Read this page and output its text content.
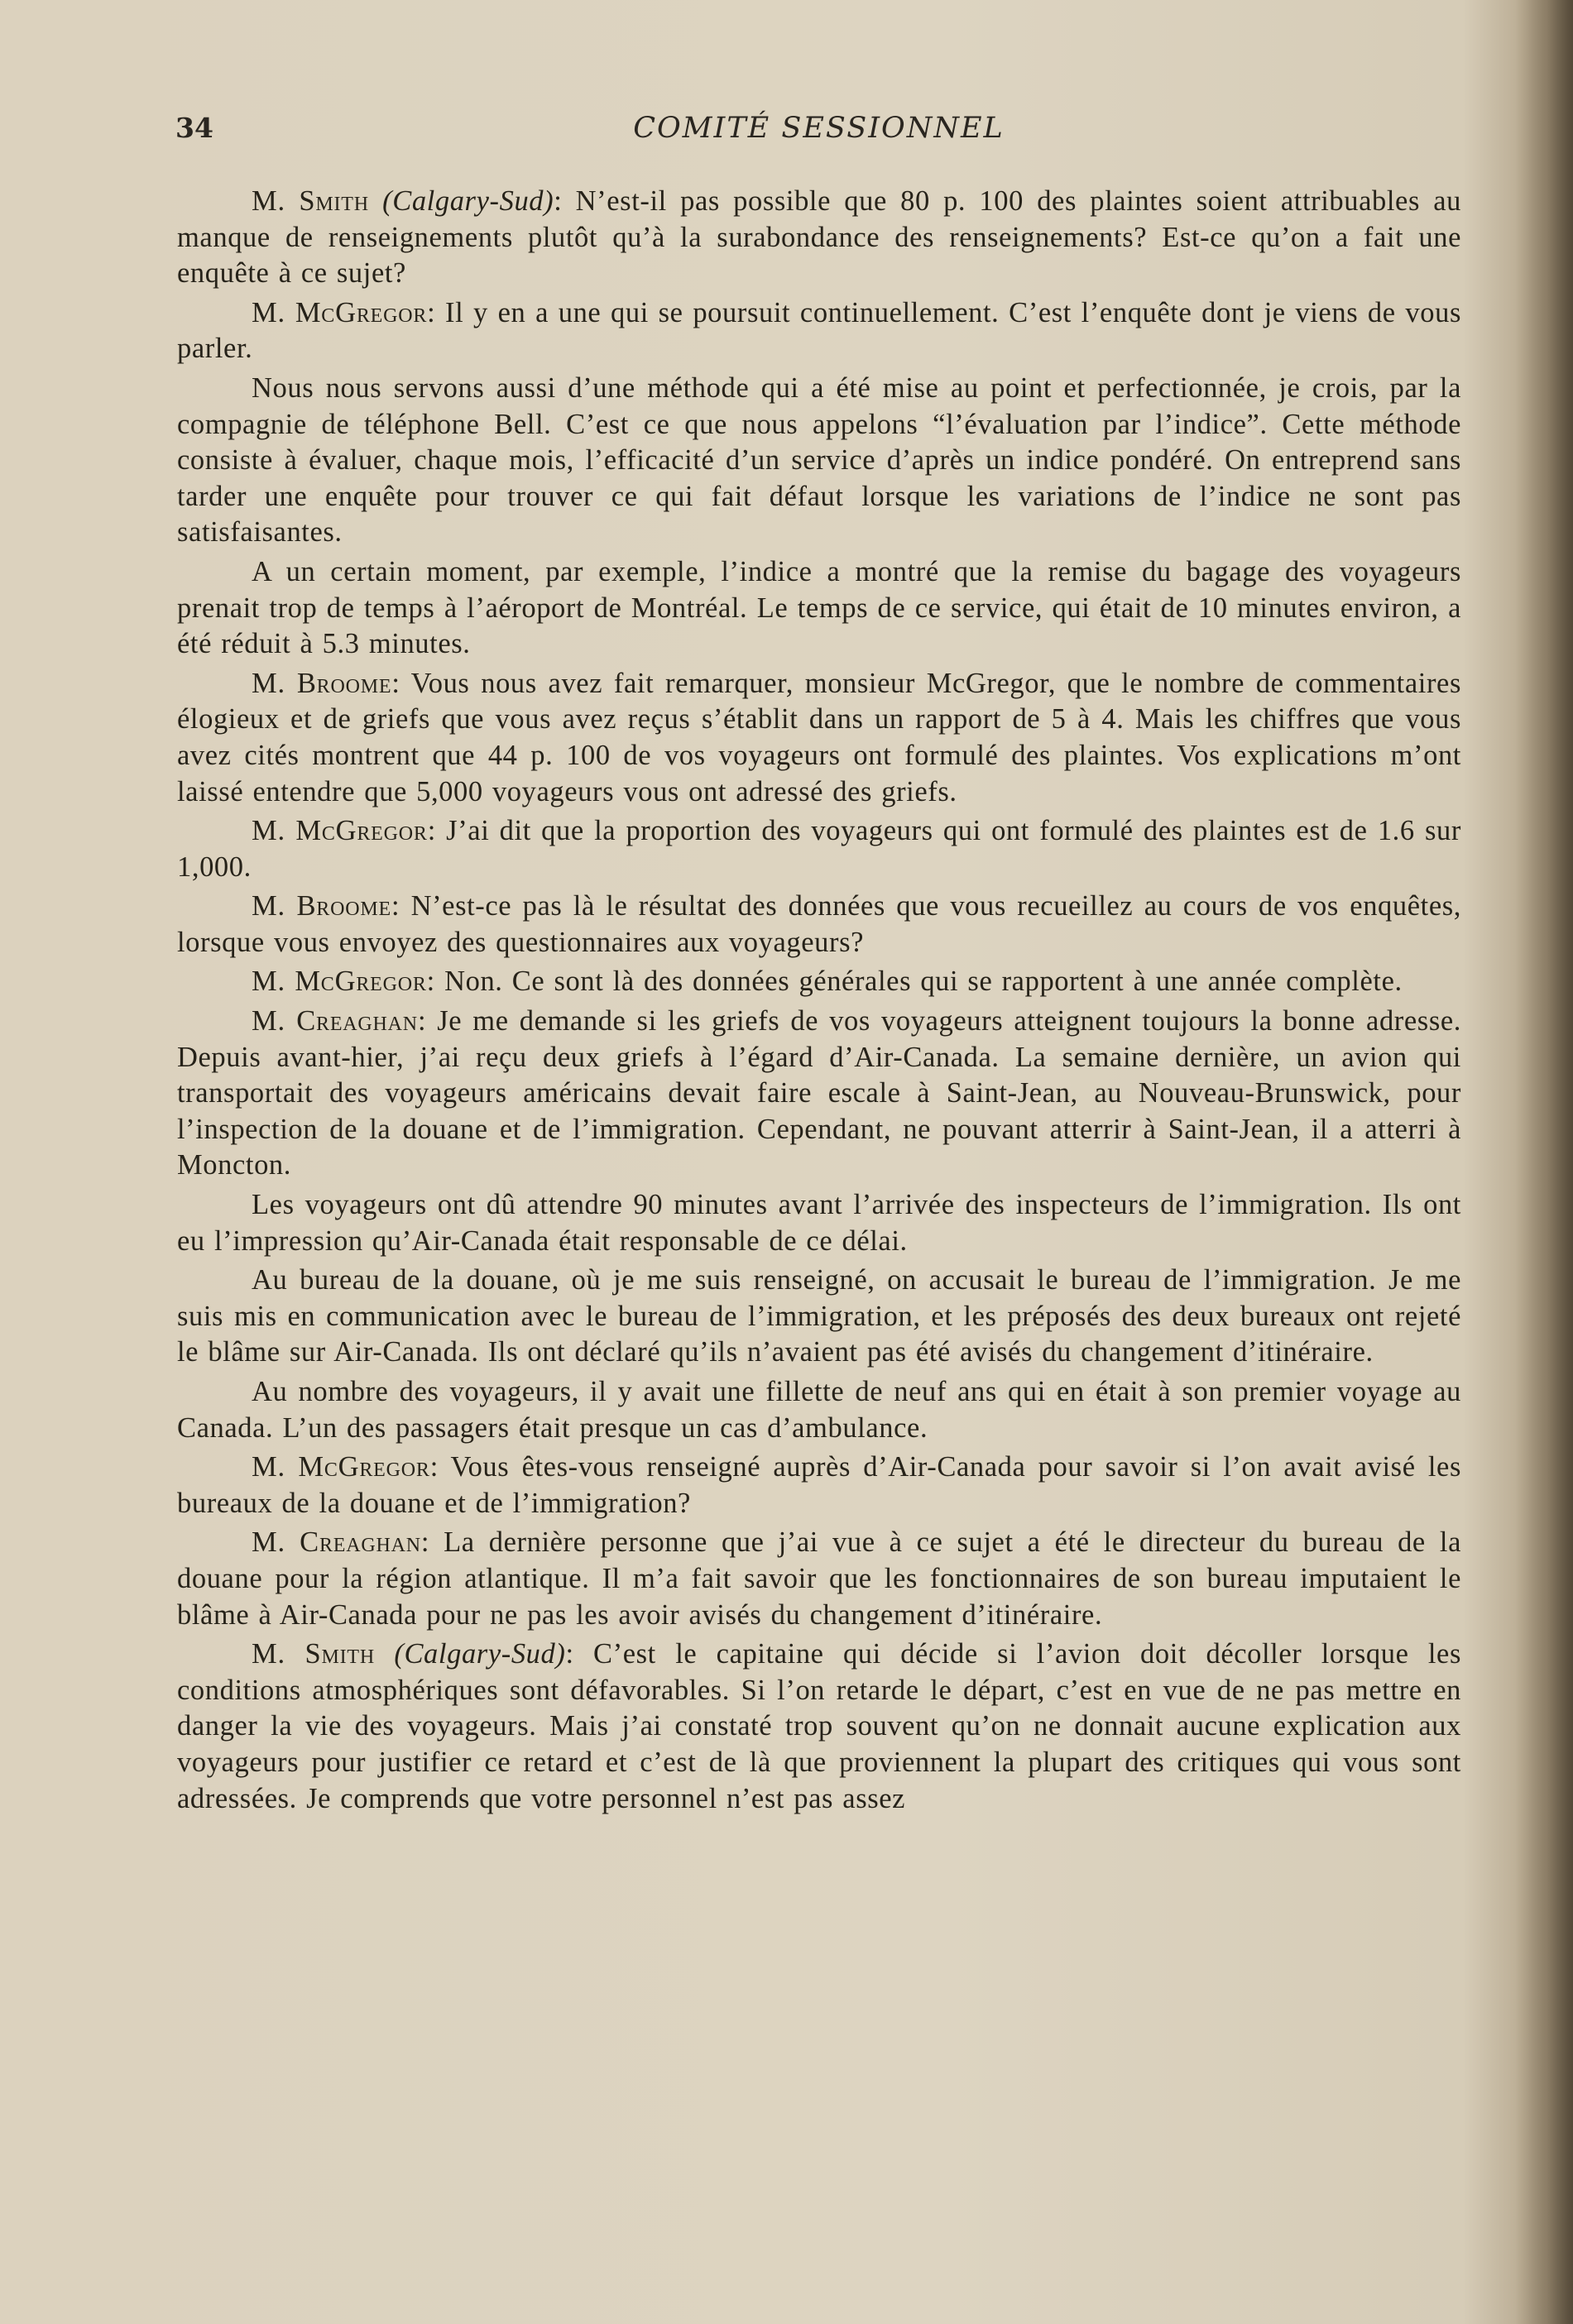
34	COMITÉ SESSIONNEL

M. Smith (Calgary-Sud): N’est-il pas possible que 80 p. 100 des plaintes soient attribuables au manque de renseignements plutôt qu’à la surabondance des renseignements? Est-ce qu’on a fait une enquête à ce sujet?

M. McGregor: Il y en a une qui se poursuit continuellement. C’est l’enquête dont je viens de vous parler.

Nous nous servons aussi d’une méthode qui a été mise au point et perfectionnée, je crois, par la compagnie de téléphone Bell. C’est ce que nous appelons “l’évaluation par l’indice”. Cette méthode consiste à évaluer, chaque mois, l’efficacité d’un service d’après un indice pondéré. On entreprend sans tarder une enquête pour trouver ce qui fait défaut lorsque les variations de l’indice ne sont pas satisfaisantes.

A un certain moment, par exemple, l’indice a montré que la remise du bagage des voyageurs prenait trop de temps à l’aéroport de Montréal. Le temps de ce service, qui était de 10 minutes environ, a été réduit à 5.3 minutes.

M. Broome: Vous nous avez fait remarquer, monsieur McGregor, que le nombre de commentaires élogieux et de griefs que vous avez reçus s’établit dans un rapport de 5 à 4. Mais les chiffres que vous avez cités montrent que 44 p. 100 de vos voyageurs ont formulé des plaintes. Vos explications m’ont laissé entendre que 5,000 voyageurs vous ont adressé des griefs.

M. McGregor: J’ai dit que la proportion des voyageurs qui ont formulé des plaintes est de 1.6 sur 1,000.

M. Broome: N’est-ce pas là le résultat des données que vous recueillez au cours de vos enquêtes, lorsque vous envoyez des questionnaires aux voyageurs?

M. McGregor: Non. Ce sont là des données générales qui se rapportent à une année complète.

M. Creaghan: Je me demande si les griefs de vos voyageurs atteignent toujours la bonne adresse. Depuis avant-hier, j’ai reçu deux griefs à l’égard d’Air-Canada. La semaine dernière, un avion qui transportait des voyageurs américains devait faire escale à Saint-Jean, au Nouveau-Brunswick, pour l’inspection de la douane et de l’immigration. Cependant, ne pouvant atterrir à Saint-Jean, il a atterri à Moncton.

Les voyageurs ont dû attendre 90 minutes avant l’arrivée des inspecteurs de l’immigration. Ils ont eu l’impression qu’Air-Canada était responsable de ce délai.

Au bureau de la douane, où je me suis renseigné, on accusait le bureau de l’immigration. Je me suis mis en communication avec le bureau de l’immigration, et les préposés des deux bureaux ont rejeté le blâme sur Air-Canada. Ils ont déclaré qu’ils n’avaient pas été avisés du changement d’itinéraire.

Au nombre des voyageurs, il y avait une fillette de neuf ans qui en était à son premier voyage au Canada. L’un des passagers était presque un cas d’ambulance.

M. McGregor: Vous êtes-vous renseigné auprès d’Air-Canada pour savoir si l’on avait avisé les bureaux de la douane et de l’immigration?

M. Creaghan: La dernière personne que j’ai vue à ce sujet a été le directeur du bureau de la douane pour la région atlantique. Il m’a fait savoir que les fonctionnaires de son bureau imputaient le blâme à Air-Canada pour ne pas les avoir avisés du changement d’itinéraire.

M. Smith (Calgary-Sud): C’est le capitaine qui décide si l’avion doit décoller lorsque les conditions atmosphériques sont défavorables. Si l’on retarde le départ, c’est en vue de ne pas mettre en danger la vie des voyageurs. Mais j’ai constaté trop souvent qu’on ne donnait aucune explication aux voyageurs pour justifier ce retard et c’est de là que proviennent la plupart des critiques qui vous sont adressées. Je comprends que votre personnel n’est pas assez
